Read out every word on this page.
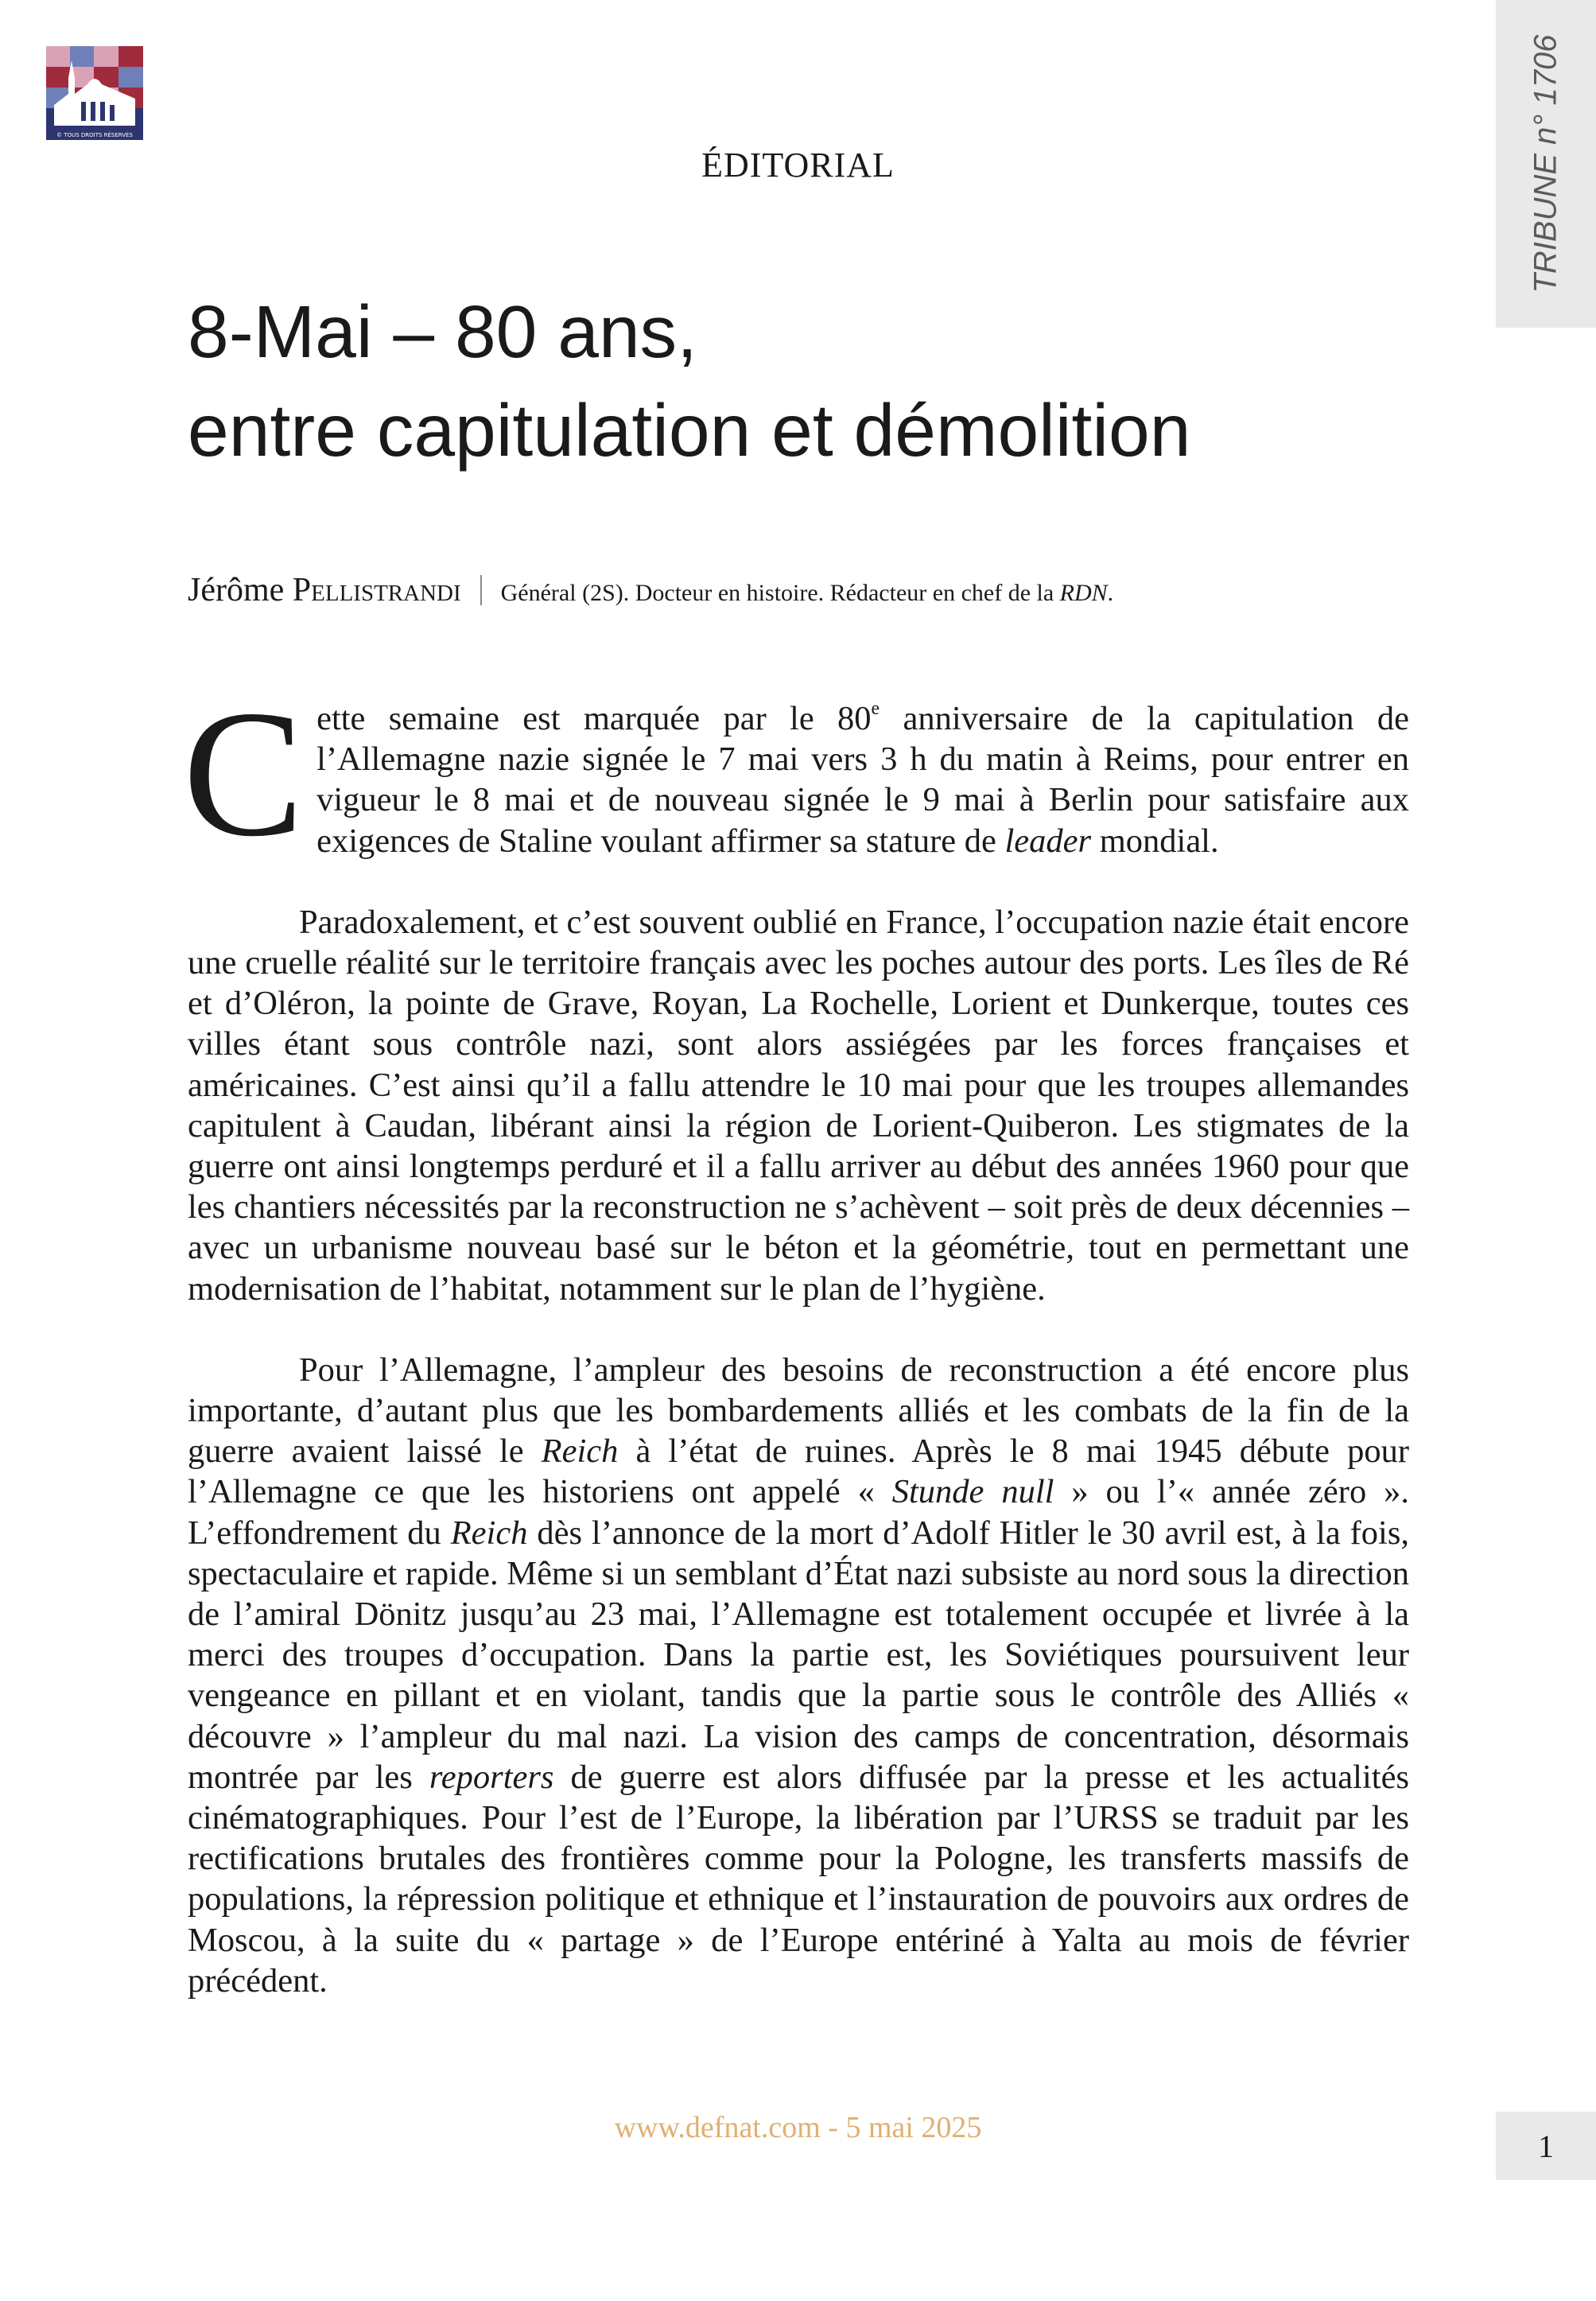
© TOUS DROITS RÉSERVÉS	TRIBUNE n° 1706
ÉDITORIAL
8-Mai – 80 ans,
entre capitulation et démolition
Jérôme Pellistrandi Général (2S). Docteur en histoire. Rédacteur en chef de la RDN.

Cette semaine est marquée par le 80e anniversaire de la capitulation de l’Allemagne nazie signée le 7 mai vers 3 h du matin à Reims, pour entrer en vigueur le 8 mai et de nouveau signée le 9 mai à Berlin pour satisfaire aux exigences de Staline voulant affirmer sa stature de leader mondial.

Paradoxalement, et c’est souvent oublié en France, l’occupation nazie était encore une cruelle réalité sur le territoire français avec les poches autour des ports. Les îles de Ré et d’Oléron, la pointe de Grave, Royan, La Rochelle, Lorient et Dunkerque, toutes ces villes étant sous contrôle nazi, sont alors assiégées par les forces françaises et américaines. C’est ainsi qu’il a fallu attendre le 10 mai pour que les troupes allemandes capitulent à Caudan, libérant ainsi la région de Lorient-Quiberon. Les stigmates de la guerre ont ainsi longtemps perduré et il a fallu arriver au début des années 1960 pour que les chantiers nécessités par la reconstruction ne s’achèvent – soit près de deux décennies – avec un urbanisme nouveau basé sur le béton et la géométrie, tout en permettant une modernisation de l’habitat, notamment sur le plan de l’hygiène.

Pour l’Allemagne, l’ampleur des besoins de reconstruction a été encore plus importante, d’autant plus que les bombardements alliés et les combats de la fin de la guerre avaient laissé le Reich à l’état de ruines. Après le 8 mai 1945 débute pour l’Allemagne ce que les historiens ont appelé « Stunde null » ou l’« année zéro ». L’effondrement du Reich dès l’annonce de la mort d’Adolf Hitler le 30 avril est, à la fois, spectaculaire et rapide. Même si un semblant d’État nazi subsiste au nord sous la direction de l’amiral Dönitz jusqu’au 23 mai, l’Allemagne est totalement occupée et livrée à la merci des troupes d’occupation. Dans la partie est, les Soviétiques poursuivent leur vengeance en pillant et en violant, tandis que la partie sous le contrôle des Alliés « découvre » l’ampleur du mal nazi. La vision des camps de concentration, désormais montrée par les reporters de guerre est alors diffusée par la presse et les actualités cinématographiques. Pour l’est de l’Europe, la libération par l’URSS se traduit par les rectifications brutales des frontières comme pour la Pologne, les transferts massifs de populations, la répression politique et ethnique et l’instauration de pouvoirs aux ordres de Moscou, à la suite du « partage » de l’Europe entériné à Yalta au mois de février précédent.

www.defnat.com - 5 mai 2025
1
